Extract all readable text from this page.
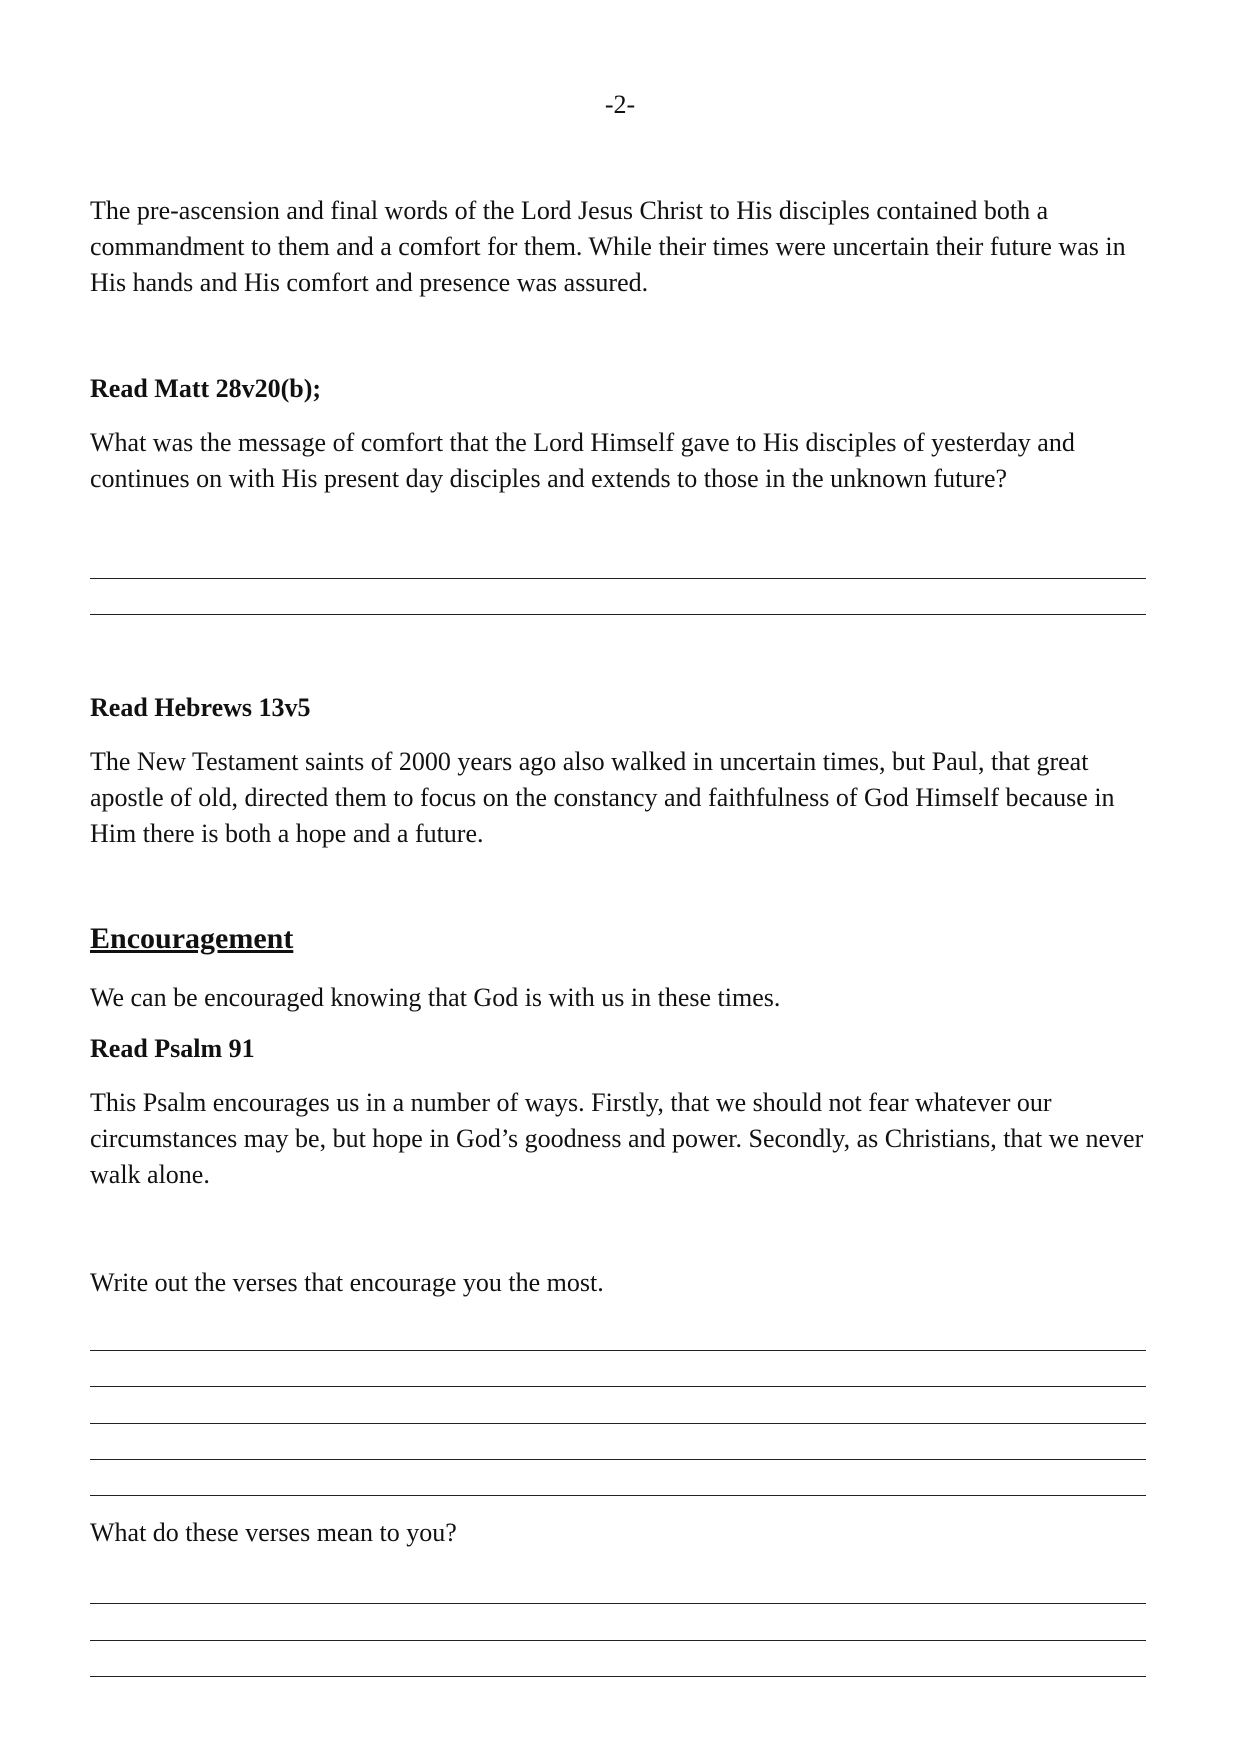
-2-
The pre-ascension and final words of the Lord Jesus Christ to His disciples contained both a commandment to them and a comfort for them. While their times were uncertain their future was in His hands and His comfort and presence was assured.
Read Matt 28v20(b);
What was the message of comfort that the Lord Himself gave to His disciples of yesterday and continues on with His present day disciples and extends to those in the unknown future?
Read Hebrews 13v5
The New Testament saints of 2000 years ago also walked in uncertain times, but Paul, that great apostle of old, directed them to focus on the constancy and faithfulness of God Himself because in Him there is both a hope and a future.
Encouragement
We can be encouraged knowing that God is with us in these times.
Read Psalm 91
This Psalm encourages us in a number of ways. Firstly, that we should not fear whatever our circumstances may be, but hope in God’s goodness and power. Secondly, as Christians, that we never walk alone.
Write out the verses that encourage you the most.
What do these verses mean to you?
